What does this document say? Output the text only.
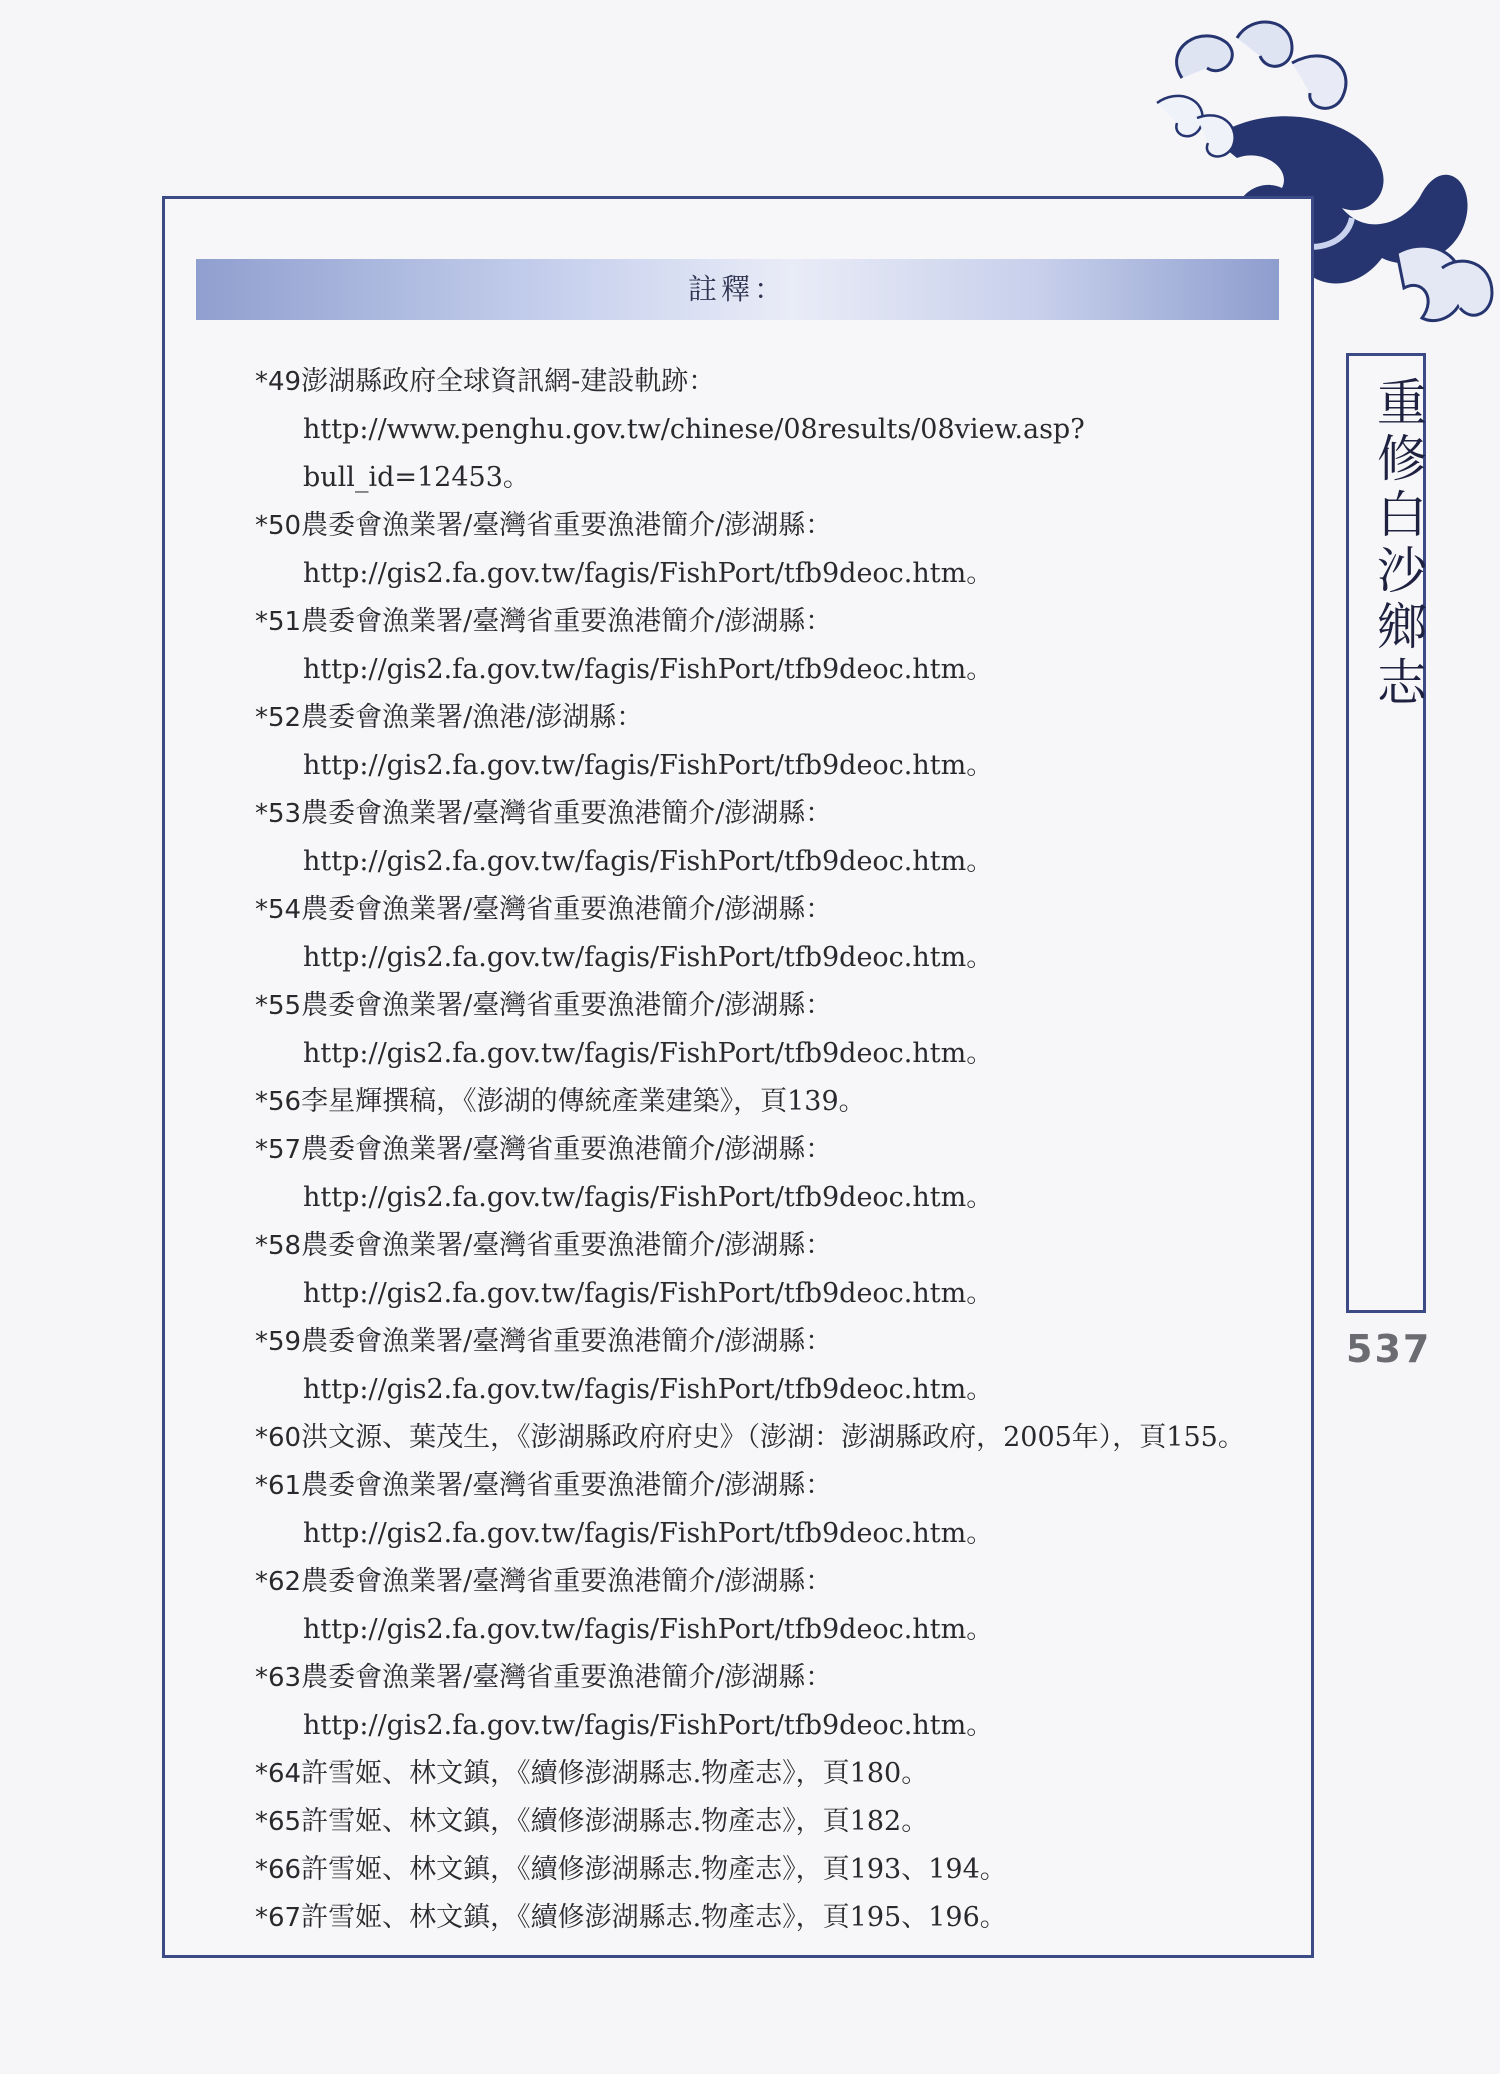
註釋：
*49澎湖縣政府全球資訊網-建設軌跡：http://www.penghu.gov.tw/chinese/08results/08view.asp?bull_id=12453。
*50農委會漁業署/臺灣省重要漁港簡介/澎湖縣：http://gis2.fa.gov.tw/fagis/FishPort/tfb9deoc.htm。
*51農委會漁業署/臺灣省重要漁港簡介/澎湖縣：http://gis2.fa.gov.tw/fagis/FishPort/tfb9deoc.htm。
*52農委會漁業署/漁港/澎湖縣：http://gis2.fa.gov.tw/fagis/FishPort/tfb9deoc.htm。
*53農委會漁業署/臺灣省重要漁港簡介/澎湖縣：http://gis2.fa.gov.tw/fagis/FishPort/tfb9deoc.htm。
*54農委會漁業署/臺灣省重要漁港簡介/澎湖縣：http://gis2.fa.gov.tw/fagis/FishPort/tfb9deoc.htm。
*55農委會漁業署/臺灣省重要漁港簡介/澎湖縣：http://gis2.fa.gov.tw/fagis/FishPort/tfb9deoc.htm。
*56李星輝撰稿，《澎湖的傳統產業建築》，頁139。
*57農委會漁業署/臺灣省重要漁港簡介/澎湖縣：http://gis2.fa.gov.tw/fagis/FishPort/tfb9deoc.htm。
*58農委會漁業署/臺灣省重要漁港簡介/澎湖縣：http://gis2.fa.gov.tw/fagis/FishPort/tfb9deoc.htm。
*59農委會漁業署/臺灣省重要漁港簡介/澎湖縣：http://gis2.fa.gov.tw/fagis/FishPort/tfb9deoc.htm。
*60洪文源、葉茂生，《澎湖縣政府府史》（澎湖：澎湖縣政府，2005年），頁155。
*61農委會漁業署/臺灣省重要漁港簡介/澎湖縣：http://gis2.fa.gov.tw/fagis/FishPort/tfb9deoc.htm。
*62農委會漁業署/臺灣省重要漁港簡介/澎湖縣：http://gis2.fa.gov.tw/fagis/FishPort/tfb9deoc.htm。
*63農委會漁業署/臺灣省重要漁港簡介/澎湖縣：http://gis2.fa.gov.tw/fagis/FishPort/tfb9deoc.htm。
*64許雪姬、林文鎮，《續修澎湖縣志.物產志》，頁180。
*65許雪姬、林文鎮，《續修澎湖縣志.物產志》，頁182。
*66許雪姬、林文鎮，《續修澎湖縣志.物產志》，頁193、194。
*67許雪姬、林文鎮，《續修澎湖縣志.物產志》，頁195、196。
重修白沙鄉志
537
